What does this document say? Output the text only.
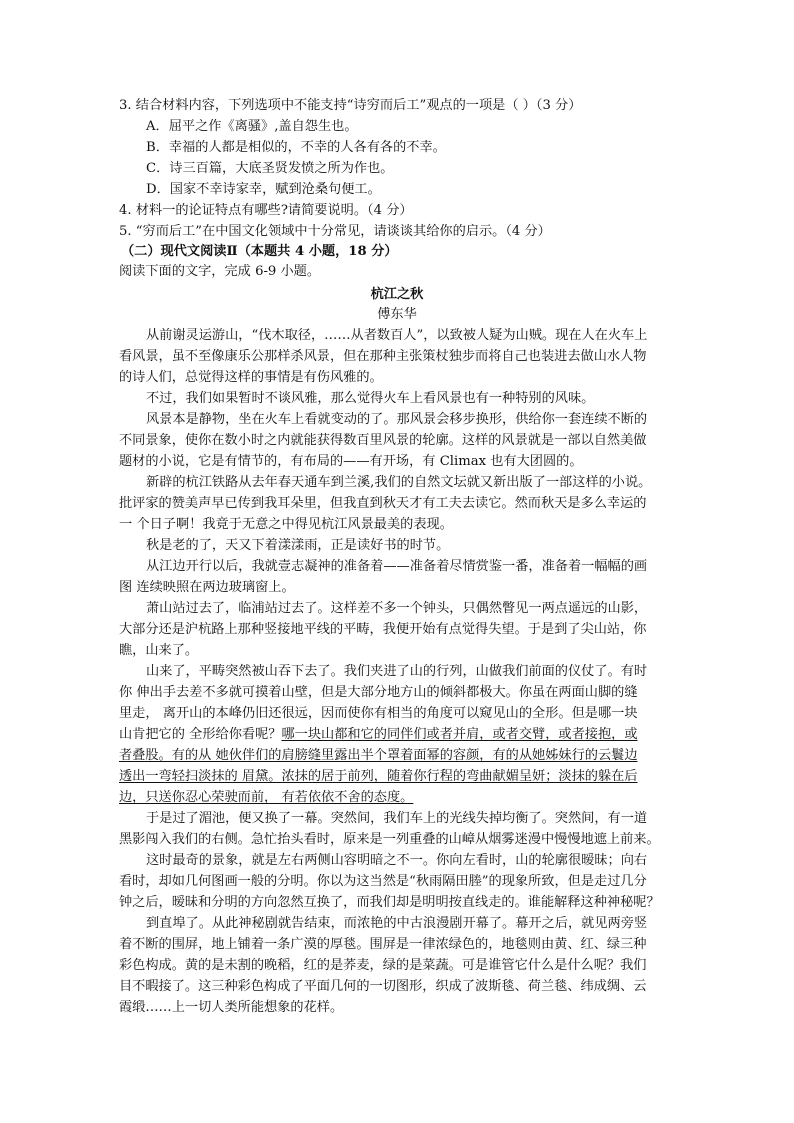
3. 结合材料内容，下列选项中不能支持“诗穷而后工”观点的一项是（ ）（3 分）
A．屈平之作《离骚》,盖自怨生也。
B．幸福的人都是相似的，不幸的人各有各的不幸。
C．诗三百篇，大底圣贤发愤之所为作也。
D．国家不幸诗家幸，赋到沧桑句便工。
4. 材料一的论证特点有哪些?请简要说明。（4 分）
5. “穷而后工”在中国文化领域中十分常见，请谈谈其给你的启示。（4 分）
（二）现代文阅读Ⅱ（本题共 4 小题，18 分）
阅读下面的文字，完成 6-9 小题。
杭江之秋
傅东华
从前谢灵运游山，“伐木取径，……从者数百人”，以致被人疑为山贼。现在人在火车上
看风景，虽不至像康乐公那样杀风景，但在那种主张策杖独步而将自己也装进去做山水人物
的诗人们，总觉得这样的事情是有伤风雅的。
不过，我们如果暂时不谈风雅，那么觉得火车上看风景也有一种特别的风味。
风景本是静物，坐在火车上看就变动的了。那风景会移步换形，供给你一套连续不断的
不同景象，使你在数小时之内就能获得数百里风景的轮廓。这样的风景就是一部以自然美做
题材的小说，它是有情节的，有布局的——有开场，有 Climax 也有大团圆的。
新辟的杭江铁路从去年春天通车到兰溪,我们的自然文坛就又新出版了一部这样的小说。
批评家的赞美声早已传到我耳朵里，但我直到秋天才有工夫去读它。然而秋天是多么幸运的
一 个日子啊！我竟于无意之中得见杭江风景最美的表现。
秋是老的了，天又下着漾漾雨，正是读好书的时节。
从江边开行以后，我就壹志凝神的准备着——准备着尽情赏鉴一番，准备着一幅幅的画
图 连续映照在两边玻璃窗上。
萧山站过去了，临浦站过去了。这样差不多一个钟头，只偶然瞥见一两点遥远的山影，
大部分还是沪杭路上那种竖接地平线的平畴，我便开始有点觉得失望。于是到了尖山站，你
瞧，山来了。
山来了，平畴突然被山吞下去了。我们夹进了山的行列，山做我们前面的仪仗了。有时
你 伸出手去差不多就可摸着山壁，但是大部分地方山的倾斜都极大。你虽在两面山脚的缝
里走， 离开山的本峰仍旧还很远，因而使你有相当的角度可以窥见山的全形。但是哪一块
山肯把它的 全形给你看呢？哪一块山都和它的同伴们或者并肩，或者交臂，或者接抱，或
者叠股。有的从 她伙伴们的肩膀缝里露出半个罩着面幂的容颜，有的从她姊妹行的云鬟边
透出一弯轻扫淡抹的 眉黛。浓抹的居于前列，随着你行程的弯曲献媚呈妍；淡抹的躲在后
边，只送你忍心荣驶而前， 有若依依不舍的态度。
于是过了湄池，便又换了一幕。突然间，我们车上的光线失掉均衡了。突然间，有一道
黑影闯入我们的右侧。急忙抬头看时，原来是一列重叠的山嶂从烟雾迷漫中慢慢地遮上前来。
这时最奇的景象，就是左右两侧山容明暗之不一。你向左看时，山的轮廓很暧昧；向右
看时，却如几何图画一般的分明。你以为这当然是“秋雨隔田塍”的现象所致，但是走过几分
钟之后，暧昧和分明的方向忽然互换了，而我们却是明明按直线走的。谁能解释这种神秘呢？
到直埠了。从此神秘剧就告结束，而浓艳的中古浪漫剧开幕了。幕开之后，就见两旁竖
着不断的围屏，地上铺着一条广漠的厚毯。围屏是一律浓绿色的，地毯则由黄、红、绿三种
彩色构成。黄的是未割的晚稻，红的是荞麦，绿的是菜蔬。可是谁管它什么是什么呢？我们
目不暇接了。这三种彩色构成了平面几何的一切图形，织成了波斯毯、荷兰毯、纬成绸、云
霞缎……上一切人类所能想象的花样。
